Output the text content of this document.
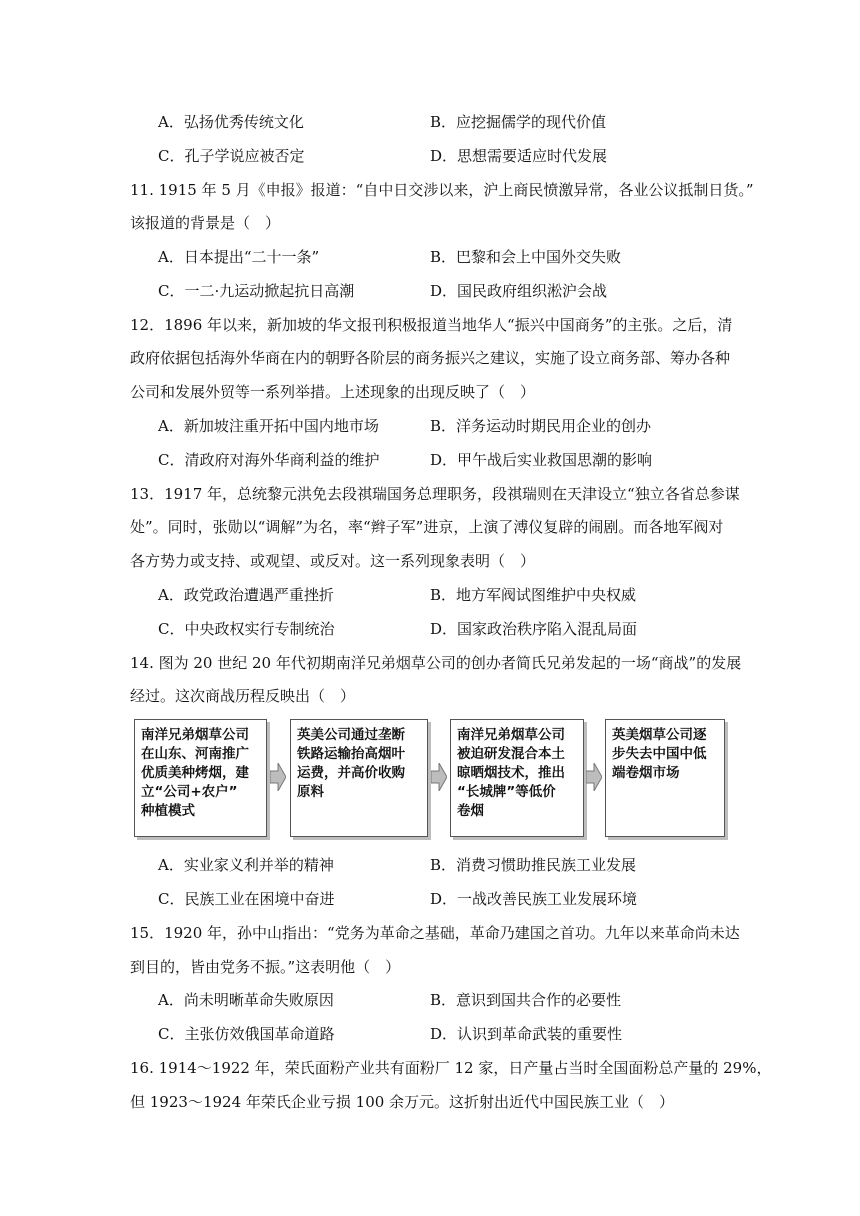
A．弘扬优秀传统文化	B．应挖掘儒学的现代价值
C．孔子学说应被否定	D．思想需要适应时代发展
11. 1915 年 5 月《申报》报道：“自中日交涉以来，沪上商民愤激异常，各业公议抵制日货。”
该报道的背景是（　）
A．日本提出“二十一条”	B．巴黎和会上中国外交失败
C．一二·九运动掀起抗日高潮	D．国民政府组织淞沪会战
12．1896 年以来，新加坡的华文报刊积极报道当地华人“振兴中国商务”的主张。之后，清
政府依据包括海外华商在内的朝野各阶层的商务振兴之建议，实施了设立商务部、筹办各种
公司和发展外贸等一系列举措。上述现象的出现反映了（　）
A．新加坡注重开拓中国内地市场	B．洋务运动时期民用企业的创办
C．清政府对海外华商利益的维护	D．甲午战后实业救国思潮的影响
13．1917 年，总统黎元洪免去段祺瑞国务总理职务，段祺瑞则在天津设立“独立各省总参谋
处”。同时，张勋以“调解”为名，率“辫子军”进京，上演了溥仪复辟的闹剧。而各地军阀对
各方势力或支持、或观望、或反对。这一系列现象表明（　）
A．政党政治遭遇严重挫折	B．地方军阀试图维护中央权威
C．中央政权实行专制统治	D．国家政治秩序陷入混乱局面
14. 图为 20 世纪 20 年代初期南洋兄弟烟草公司的创办者简氏兄弟发起的一场“商战”的发展
经过。这次商战历程反映出（　）
南洋兄弟烟草公司
在山东、河南推广
优质美种烤烟，建
立“公司+农户”
种植模式
英美公司通过垄断
铁路运输抬高烟叶
运费，并高价收购
原料
南洋兄弟烟草公司
被迫研发混合本土
晾晒烟技术，推出
“长城牌”等低价
卷烟
英美烟草公司逐
步失去中国中低
端卷烟市场
A．实业家义利并举的精神	B．消费习惯助推民族工业发展
C．民族工业在困境中奋进	D．一战改善民族工业发展环境
15．1920 年，孙中山指出：“党务为革命之基础，革命乃建国之首功。九年以来革命尚未达
到目的，皆由党务不振。”这表明他（　）
A．尚未明晰革命失败原因	B．意识到国共合作的必要性
C．主张仿效俄国革命道路	D．认识到革命武装的重要性
16. 1914～1922 年，荣氏面粉产业共有面粉厂 12 家，日产量占当时全国面粉总产量的 29%，
但 1923～1924 年荣氏企业亏损 100 余万元。这折射出近代中国民族工业（　）
